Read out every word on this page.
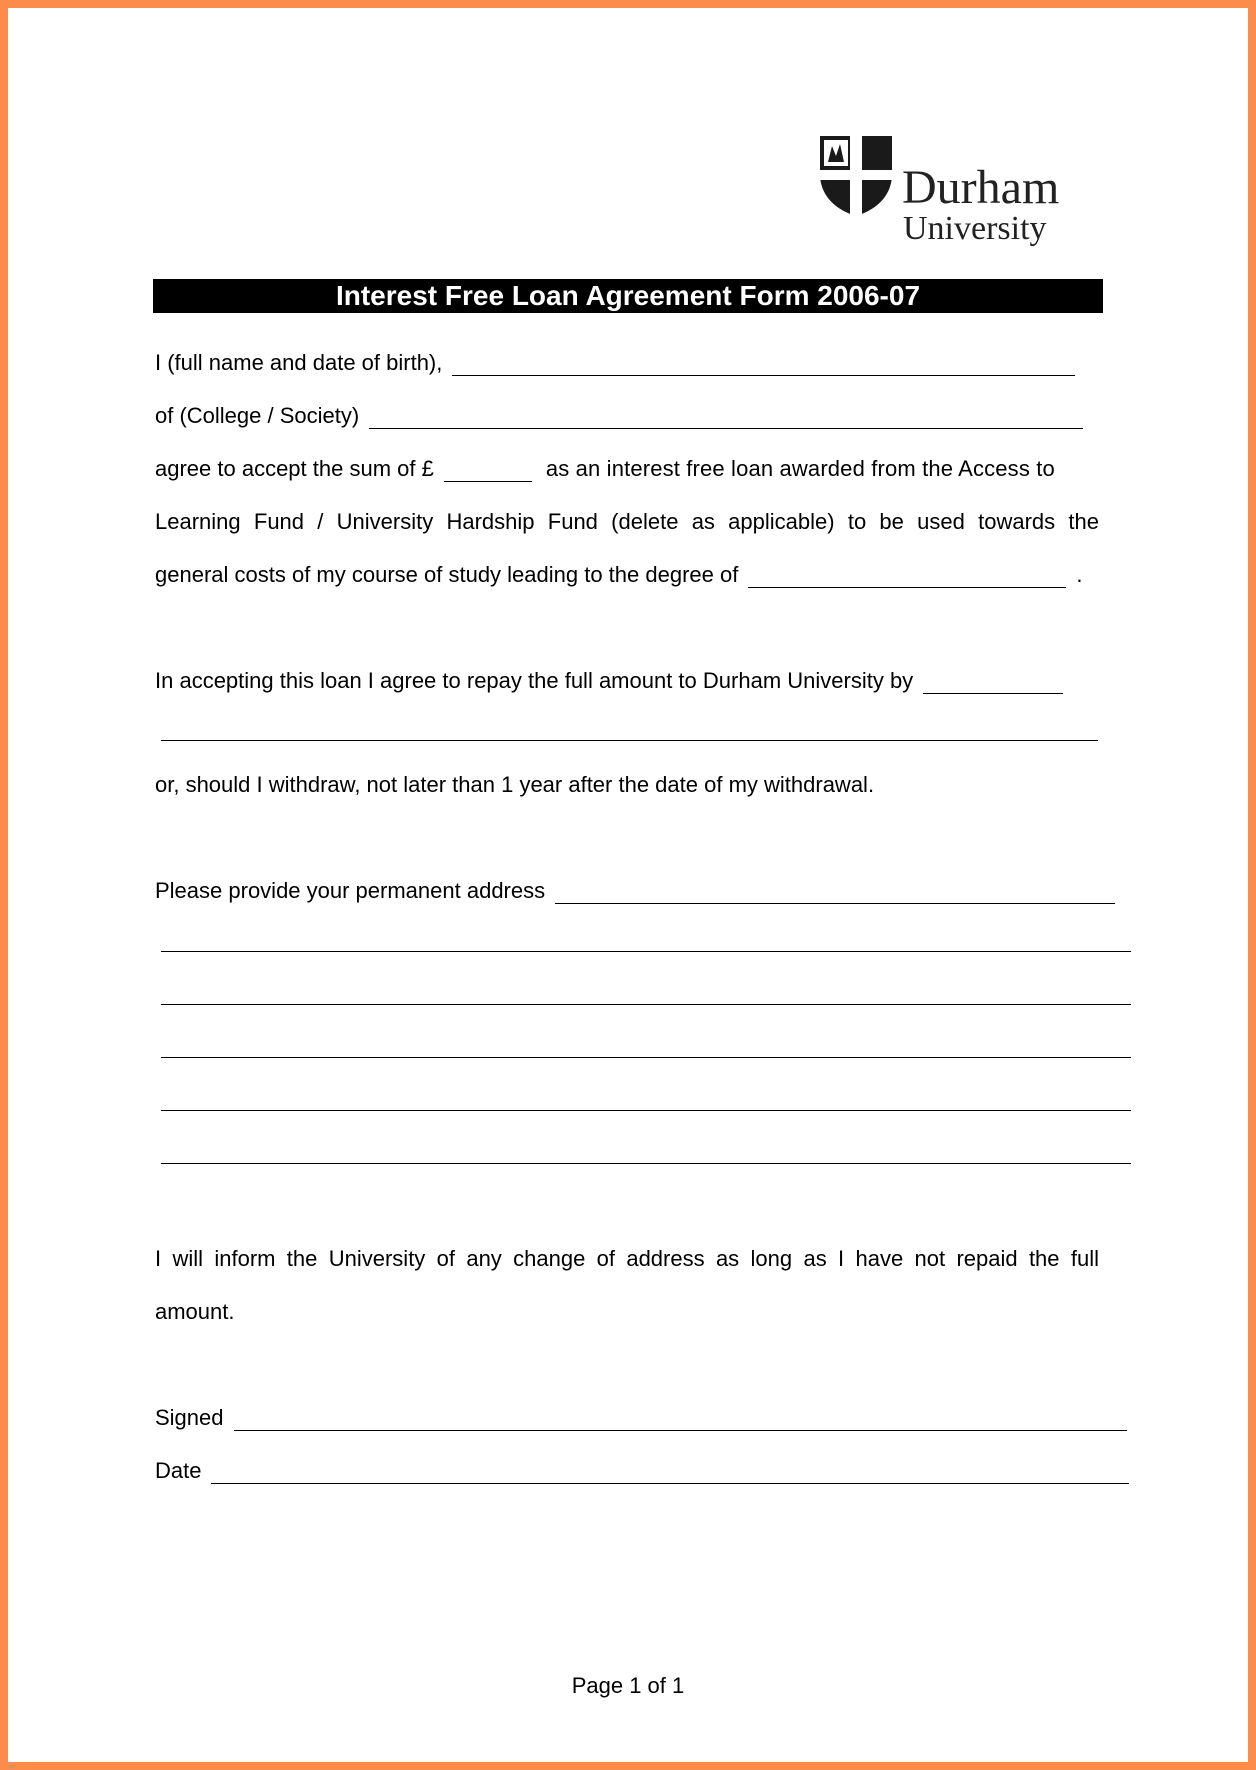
Durham
University
Interest Free Loan Agreement Form 2006-07
I (full name and date of birth),
of (College / Society)
agree to accept the sum of £	as an interest free loan awarded from the Access to
Learning Fund / University Hardship Fund (delete as applicable) to be used towards the
general costs of my course of study leading to the degree of	.
In accepting this loan I agree to repay the full amount to Durham University by
or, should I withdraw, not later than 1 year after the date of my withdrawal.
Please provide your permanent address
I will inform the University of any change of address as long as I have not repaid the full
amount.
Signed
Date
Page 1 of 1
